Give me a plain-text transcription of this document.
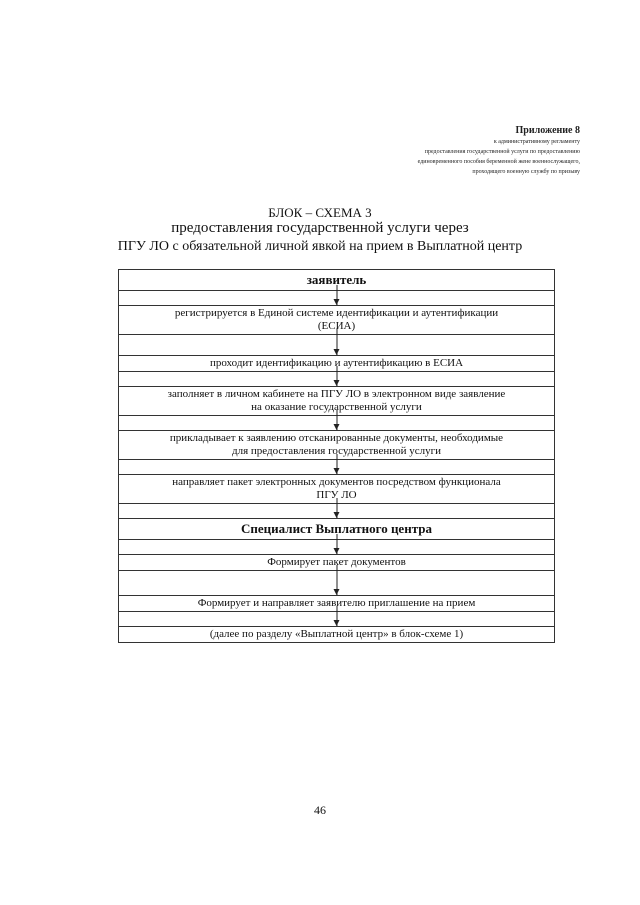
Приложение 8
к административному регламенту
предоставления государственной услуги по предоставлению
единовременного пособия беременной жене военнослужащего,
проходящего военную службу по призыву
БЛОК – СХЕМА 3
предоставления государственной услуги через
ПГУ ЛО с обязательной личной явкой на прием в Выплатной центр
заявитель

регистрируется в Единой системе идентификации и аутентификации
(ЕСИА)

проходит идентификацию и аутентификацию в ЕСИА

заполняет в личном кабинете на ПГУ ЛО в электронном виде заявление
на оказание государственной услуги

прикладывает к заявлению отсканированные документы, необходимые
для предоставления государственной услуги

направляет пакет электронных документов посредством функционала
ПГУ ЛО

Специалист Выплатного центра

Формирует пакет документов

Формирует и направляет заявителю приглашение на прием

(далее по разделу «Выплатной центр» в блок-схеме 1)
46
